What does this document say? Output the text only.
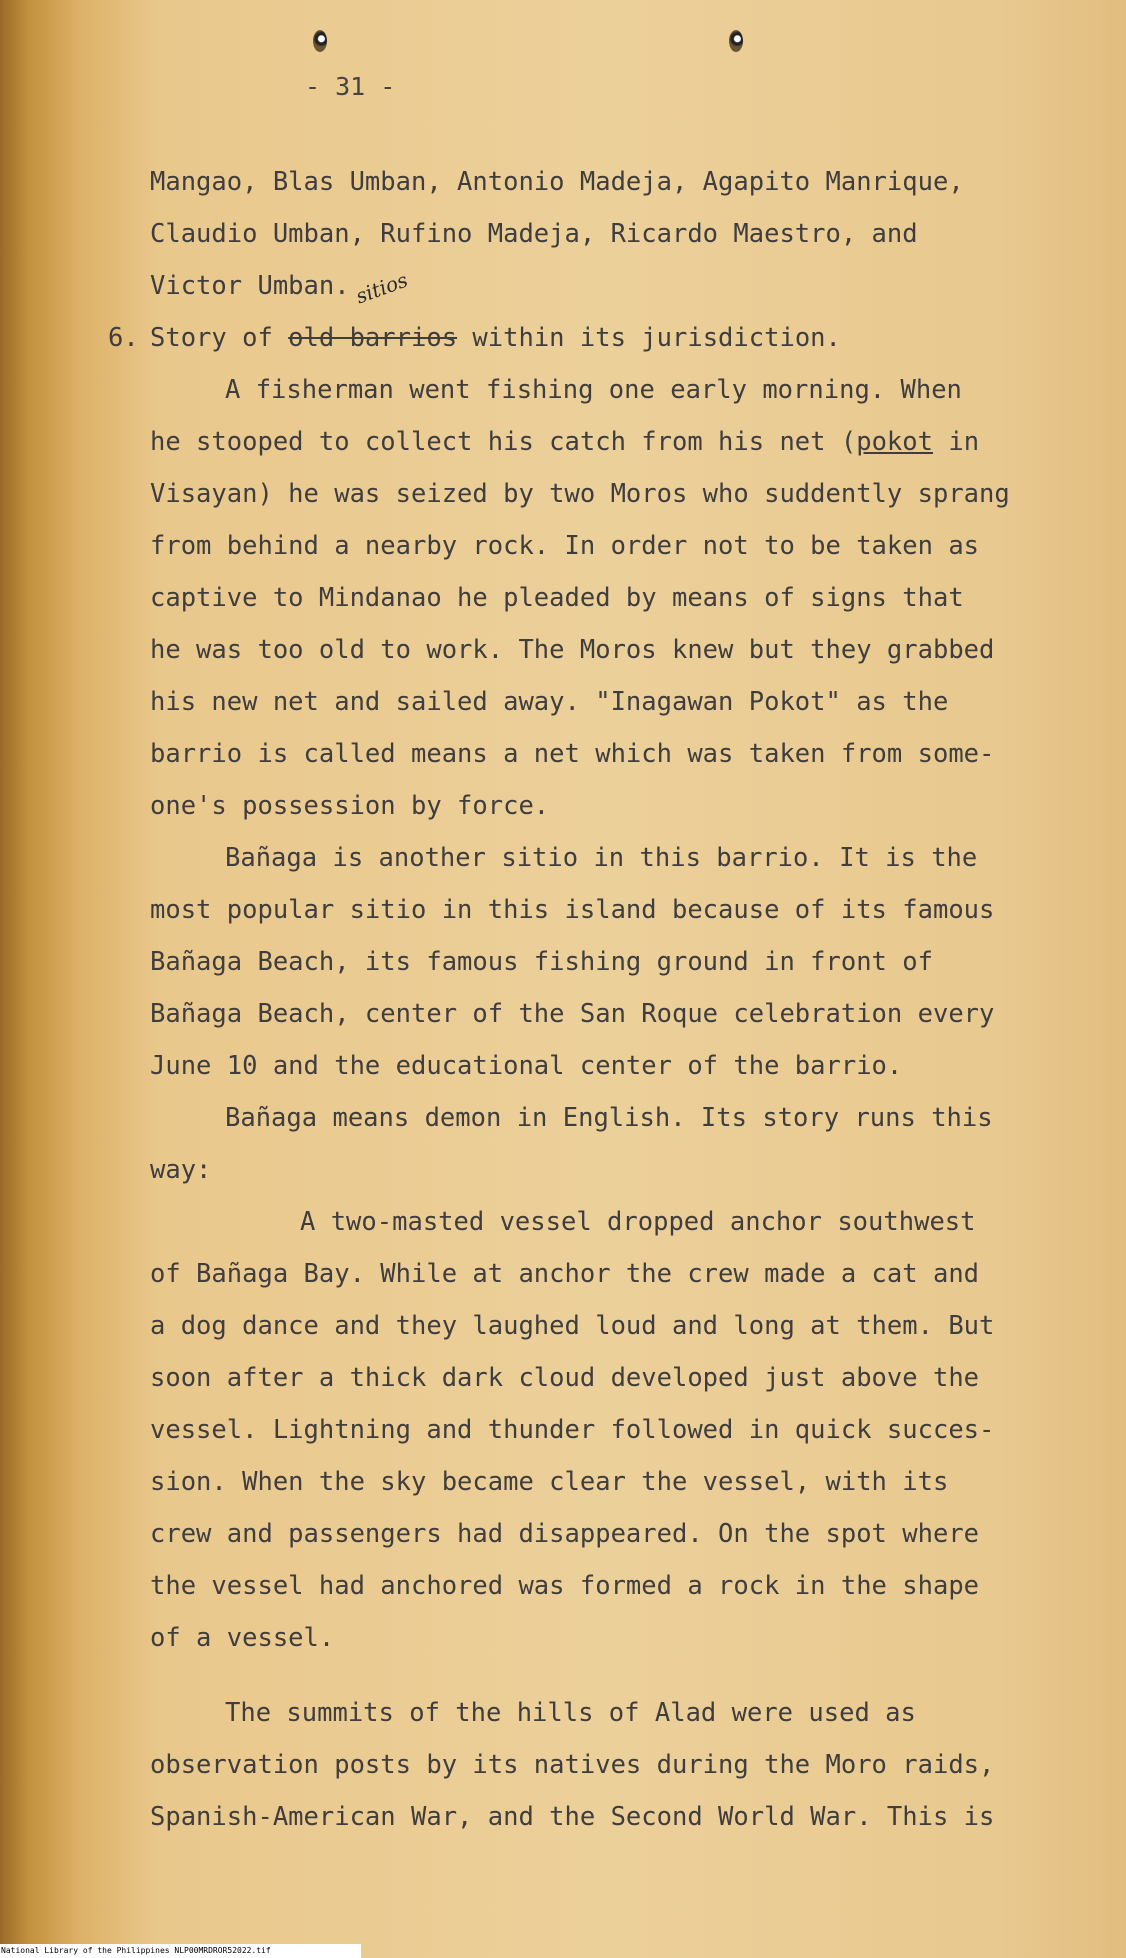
- 31 -
sitios
Mangao, Blas Umban, Antonio Madeja, Agapito Manrique,
Claudio Umban, Rufino Madeja, Ricardo Maestro, and
Victor Umban.
6. Story of old barrios within its jurisdiction.
A fisherman went fishing one early morning. When
he stooped to collect his catch from his net (pokot in
Visayan) he was seized by two Moros who suddently sprang
from behind a nearby rock. In order not to be taken as
captive to Mindanao he pleaded by means of signs that
he was too old to work. The Moros knew but they grabbed
his new net and sailed away. "Inagawan Pokot" as the
barrio is called means a net which was taken from some-
one's possession by force.
Bañaga is another sitio in this barrio. It is the
most popular sitio in this island because of its famous
Bañaga Beach, its famous fishing ground in front of
Bañaga Beach, center of the San Roque celebration every
June 10 and the educational center of the barrio.
Bañaga means demon in English. Its story runs this
way:
A two-masted vessel dropped anchor southwest
of Bañaga Bay. While at anchor the crew made a cat and
a dog dance and they laughed loud and long at them. But
soon after a thick dark cloud developed just above the
vessel. Lightning and thunder followed in quick succes-
sion. When the sky became clear the vessel, with its
crew and passengers had disappeared. On the spot where
the vessel had anchored was formed a rock in the shape
of a vessel.
The summits of the hills of Alad were used as
observation posts by its natives during the Moro raids,
Spanish-American War, and the Second World War. This is
National Library of the Philippines NLP00MRDROR52022.tif
